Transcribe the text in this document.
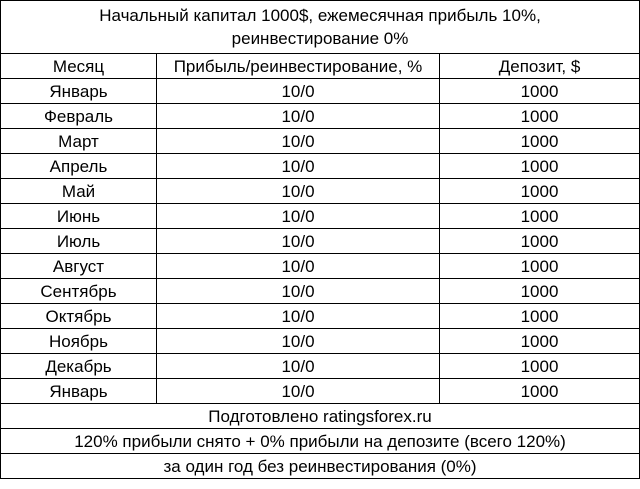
Начальный капитал 1000$, ежемесячная прибыль 10%,
реинвестирование 0%		

Месяц	Прибыль/реинвестирование, %	Депозит, $
Январь	10/0	1000
Февраль	10/0	1000
Март	10/0	1000
Апрель	10/0	1000
Май	10/0	1000
Июнь	10/0	1000
Июль	10/0	1000
Август	10/0	1000
Сентябрь	10/0	1000
Октябрь	10/0	1000
Ноябрь	10/0	1000
Декабрь	10/0	1000
Январь	10/0	1000
Подготовлено ratingsforex.ru		
120% прибыли снято + 0% прибыли на депозите (всего 120%)		
за один год без реинвестирования (0%)		
